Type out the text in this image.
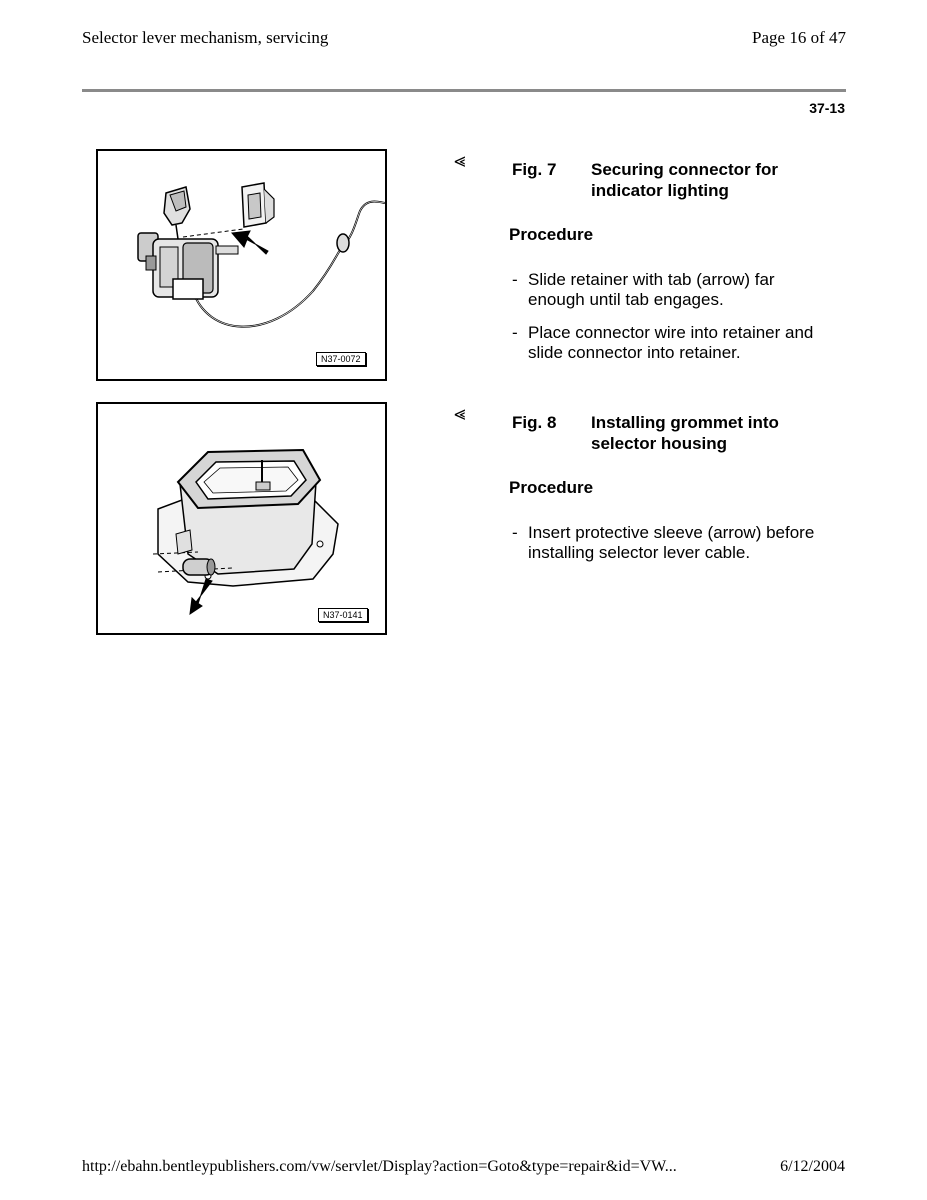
Selector lever mechanism, servicing	Page 16 of 47
37-13
N37-0072
N37-0141
⪡	Fig. 7 Securing connector for indicator lighting
Procedure
- Slide retainer with tab (arrow) far enough until tab engages.
- Place connector wire into retainer and slide connector into retainer.
⪡	Fig. 8 Installing grommet into selector housing
Procedure
- Insert protective sleeve (arrow) before installing selector lever cable.
http://ebahn.bentleypublishers.com/vw/servlet/Display?action=Goto&type=repair&id=VW...	6/12/2004
